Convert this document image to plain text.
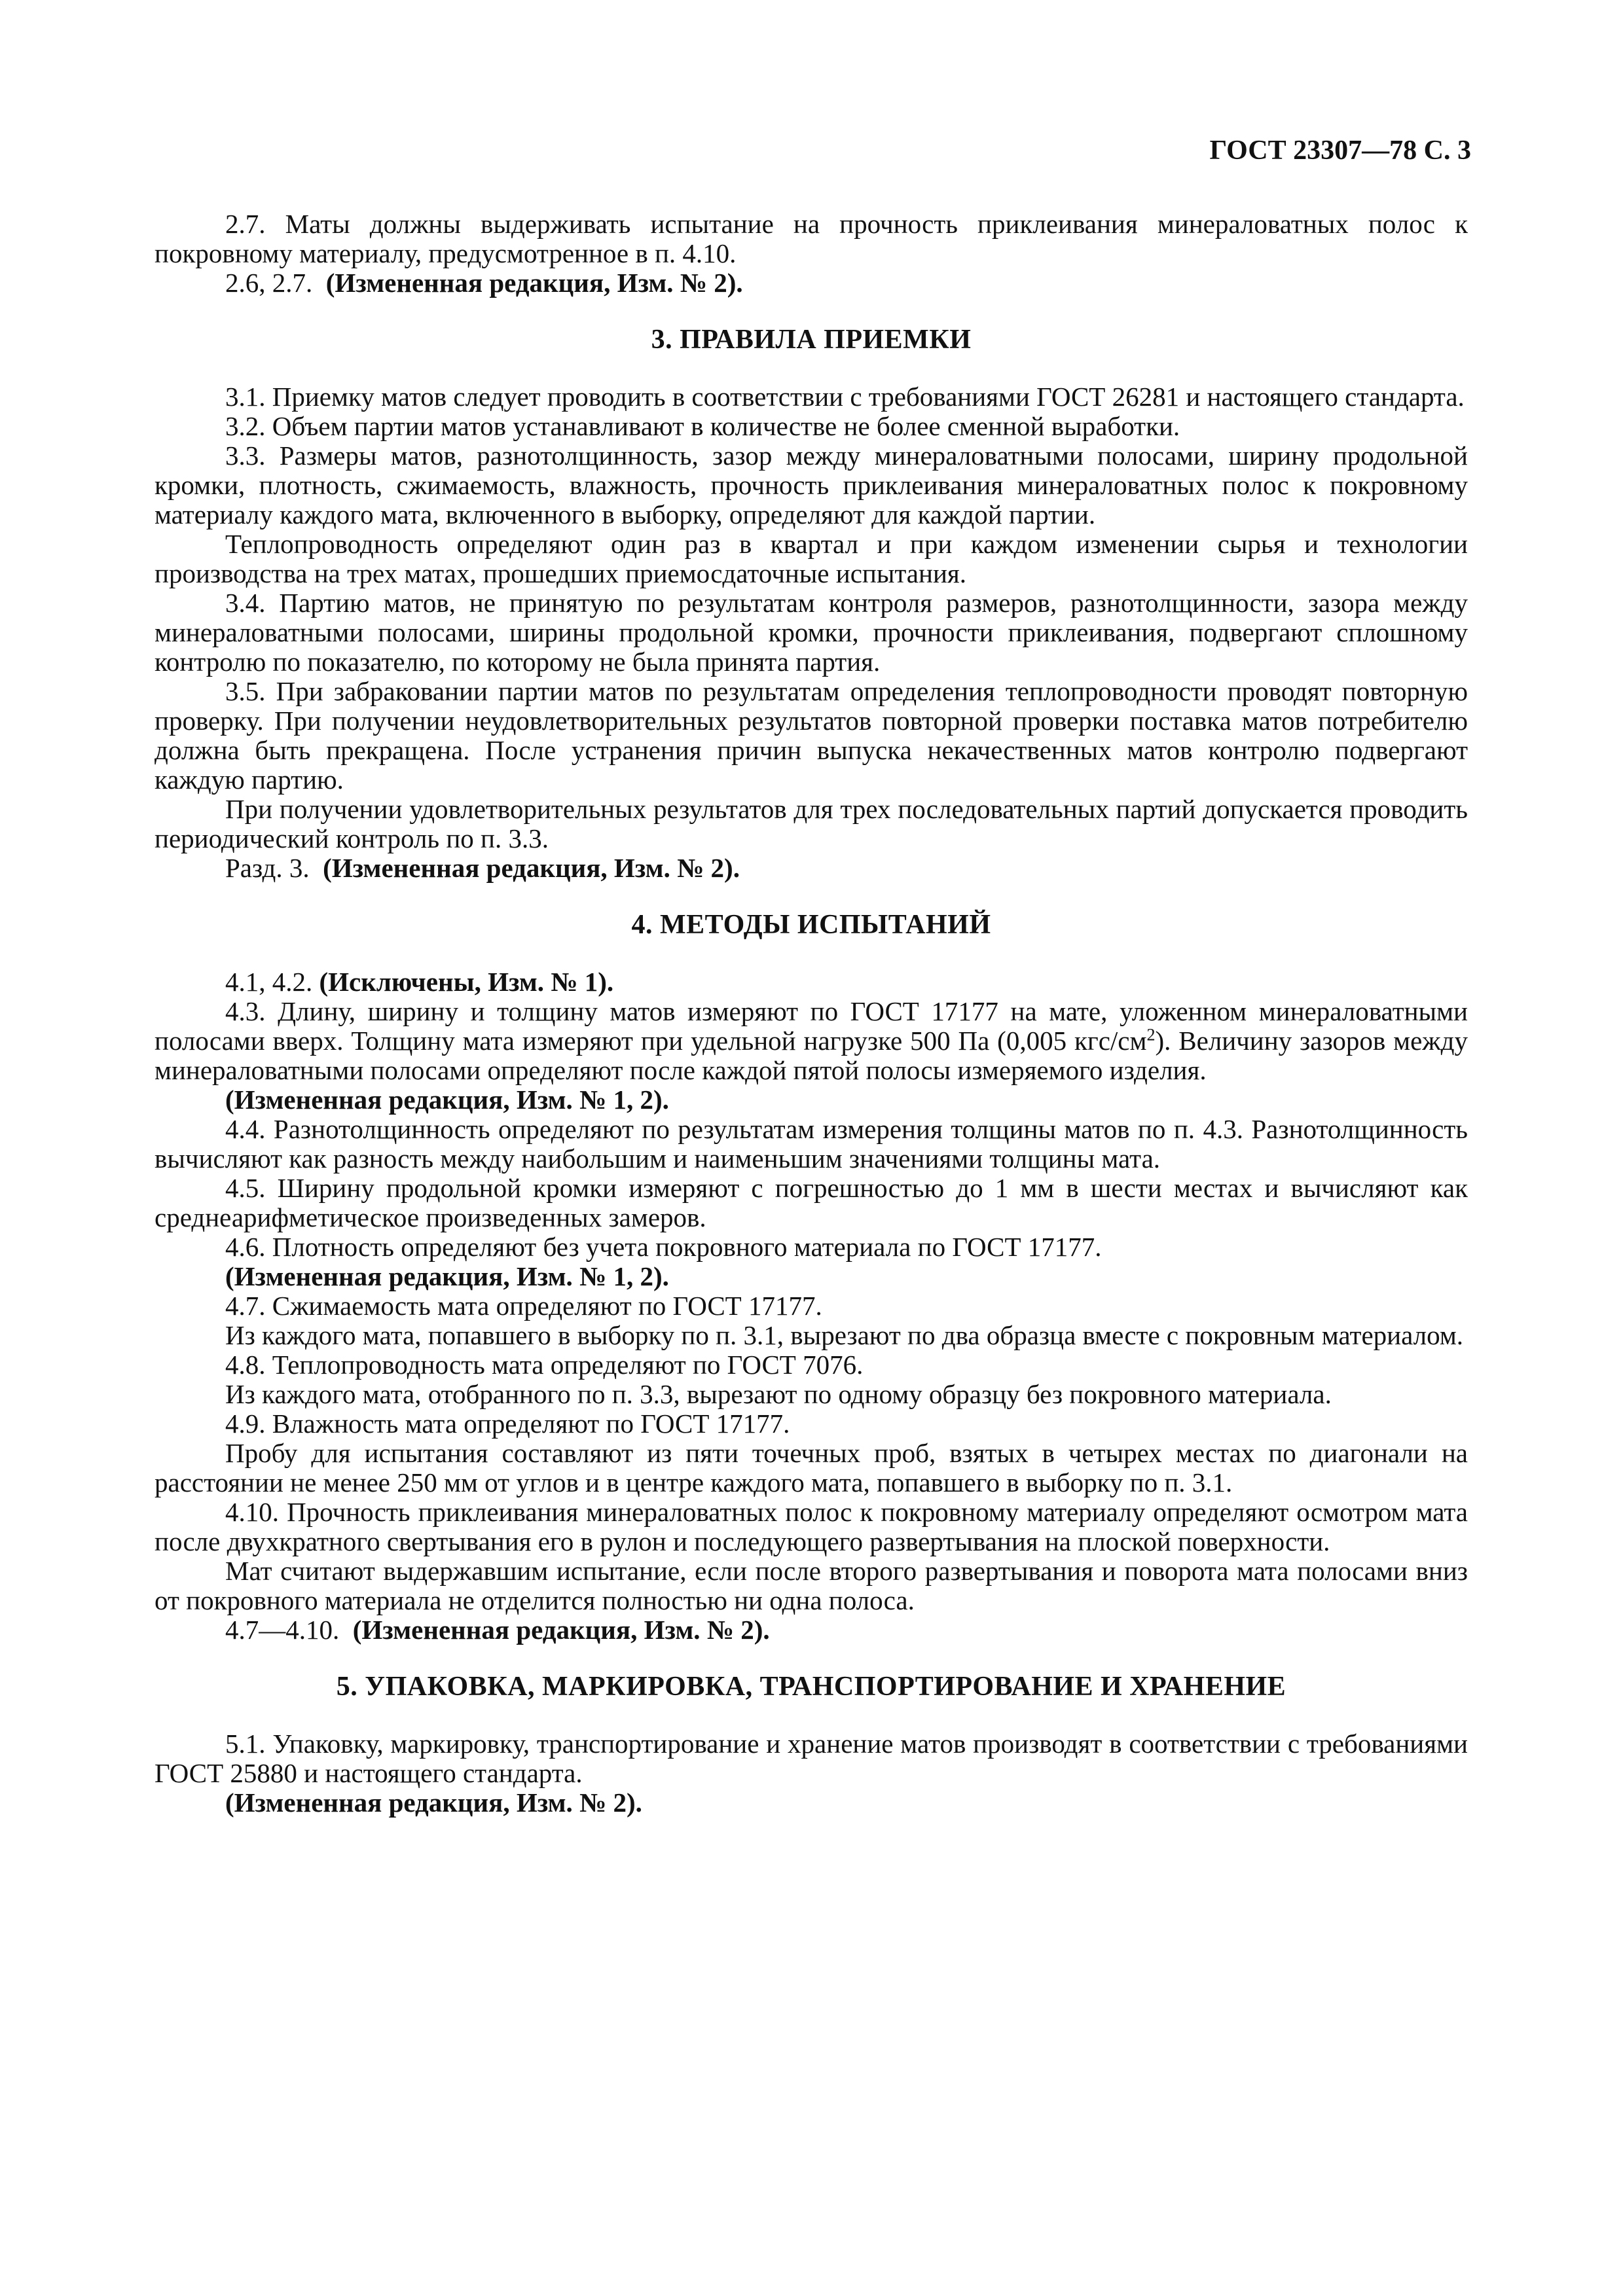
ГОСТ 23307—78 С. 3

2.7. Маты должны выдерживать испытание на прочность приклеивания минераловатных полос к покровному материалу, предусмотренное в п. 4.10.

2.6, 2.7.  (Измененная редакция, Изм. № 2).

3. ПРАВИЛА ПРИЕМКИ

3.1. Приемку матов следует проводить в соответствии с требованиями ГОСТ 26281 и настоящего стандарта.

3.2. Объем партии матов устанавливают в количестве не более сменной выработки.

3.3. Размеры матов, разнотолщинность, зазор между минераловатными полосами, ширину продольной кромки, плотность, сжимаемость, влажность, прочность приклеивания минераловатных полос к покровному материалу каждого мата, включенного в выборку, определяют для каждой партии.

Теплопроводность определяют один раз в квартал и при каждом изменении сырья и технологии производства на трех матах, прошедших приемосдаточные испытания.

3.4. Партию матов, не принятую по результатам контроля размеров, разнотолщинности, зазора между минераловатными полосами, ширины продольной кромки, прочности приклеивания, подвергают сплошному контролю по показателю, по которому не была принята партия.

3.5. При забраковании партии матов по результатам определения теплопроводности проводят повторную проверку. При получении неудовлетворительных результатов повторной проверки поставка матов потребителю должна быть прекращена. После устранения причин выпуска некачественных матов контролю подвергают каждую партию.

При получении удовлетворительных результатов для трех последовательных партий допускается проводить периодический контроль по п. 3.3.

Разд. 3.  (Измененная редакция, Изм. № 2).

4. МЕТОДЫ ИСПЫТАНИЙ

4.1, 4.2. (Исключены, Изм. № 1).

4.3. Длину, ширину и толщину матов измеряют по ГОСТ 17177 на мате, уложенном минераловатными полосами вверх. Толщину мата измеряют при удельной нагрузке 500 Па (0,005 кгс/$см^2$). Величину зазоров между минераловатными полосами определяют после каждой пятой полосы измеряемого изделия.

(Измененная редакция, Изм. № 1, 2).

4.4. Разнотолщинность определяют по результатам измерения толщины матов по п. 4.3. Разнотолщинность вычисляют как разность между наибольшим и наименьшим значениями толщины мата.

4.5. Ширину продольной кромки измеряют с погрешностью до 1 мм в шести местах и вычисляют как среднеарифметическое произведенных замеров.

4.6. Плотность определяют без учета покровного материала по ГОСТ 17177.

(Измененная редакция, Изм. № 1, 2).

4.7. Сжимаемость мата определяют по ГОСТ 17177.

Из каждого мата, попавшего в выборку по п. 3.1, вырезают по два образца вместе с покровным материалом.

4.8. Теплопроводность мата определяют по ГОСТ 7076.

Из каждого мата, отобранного по п. 3.3, вырезают по одному образцу без покровного материала.

4.9. Влажность мата определяют по ГОСТ 17177.

Пробу для испытания составляют из пяти точечных проб, взятых в четырех местах по диагонали на расстоянии не менее 250 мм от углов и в центре каждого мата, попавшего в выборку по п. 3.1.

4.10. Прочность приклеивания минераловатных полос к покровному материалу определяют осмотром мата после двухкратного свертывания его в рулон и последующего развертывания на плоской поверхности.

Мат считают выдержавшим испытание, если после второго развертывания и поворота мата полосами вниз от покровного материала не отделится полностью ни одна полоса.

4.7—4.10.  (Измененная редакция, Изм. № 2).

5. УПАКОВКА, МАРКИРОВКА, ТРАНСПОРТИРОВАНИЕ И ХРАНЕНИЕ

5.1. Упаковку, маркировку, транспортирование и хранение матов производят в соответствии с требованиями ГОСТ 25880 и настоящего стандарта.

(Измененная редакция, Изм. № 2).
